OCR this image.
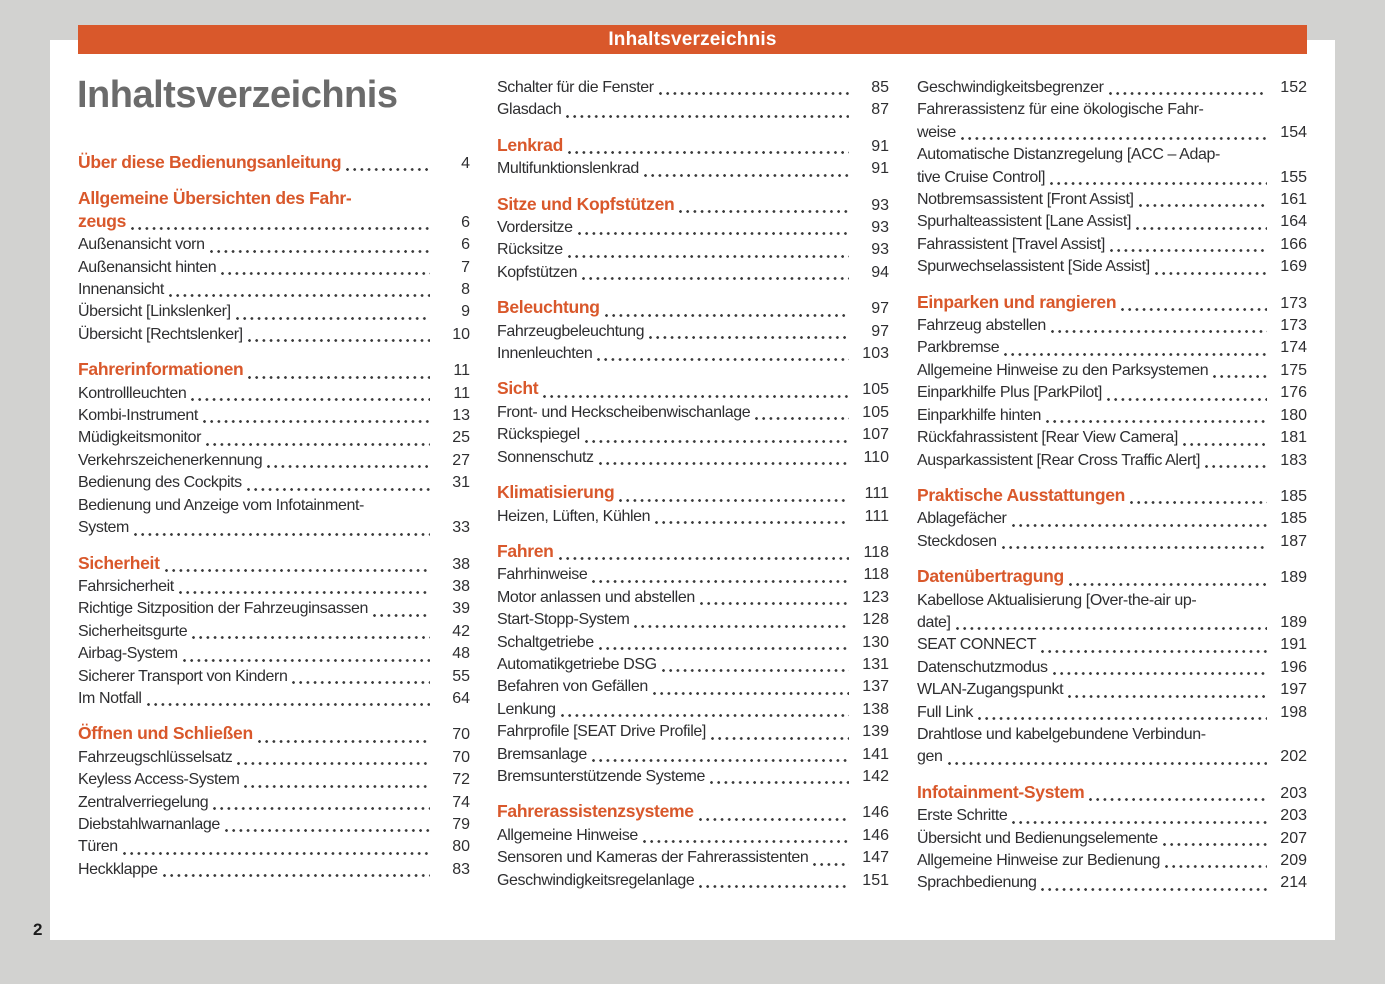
Inhaltsverzeichnis
Inhaltsverzeichnis
Über diese Bedienungsanleitung	4
Allgemeine Übersichten des Fahr-
zeugs	6
Außenansicht vorn	6
Außenansicht hinten	7
Innenansicht	8
Übersicht [Linkslenker]	9
Übersicht [Rechtslenker]	10
Fahrerinformationen	11
Kontrollleuchten	11
Kombi-Instrument	13
Müdigkeitsmonitor	25
Verkehrszeichenerkennung	27
Bedienung des Cockpits	31
Bedienung und Anzeige vom Infotainment-
System	33
Sicherheit	38
Fahrsicherheit	38
Richtige Sitzposition der Fahrzeuginsassen	39
Sicherheitsgurte	42
Airbag-System	48
Sicherer Transport von Kindern	55
Im Notfall	64
Öffnen und Schließen	70
Fahrzeugschlüsselsatz	70
Keyless Access-System	72
Zentralverriegelung	74
Diebstahlwarnanlage	79
Türen	80
Heckklappe	83
Schalter für die Fenster	85
Glasdach	87
Lenkrad	91
Multifunktionslenkrad	91
Sitze und Kopfstützen	93
Vordersitze	93
Rücksitze	93
Kopfstützen	94
Beleuchtung	97
Fahrzeugbeleuchtung	97
Innenleuchten	103
Sicht	105
Front- und Heckscheibenwischanlage	105
Rückspiegel	107
Sonnenschutz	110
Klimatisierung	111
Heizen, Lüften, Kühlen	111
Fahren	118
Fahrhinweise	118
Motor anlassen und abstellen	123
Start-Stopp-System	128
Schaltgetriebe	130
Automatikgetriebe DSG	131
Befahren von Gefällen	137
Lenkung	138
Fahrprofile [SEAT Drive Profile]	139
Bremsanlage	141
Bremsunterstützende Systeme	142
Fahrerassistenzsysteme	146
Allgemeine Hinweise	146
Sensoren und Kameras der Fahrerassistenten	147
Geschwindigkeitsregelanlage	151
Geschwindigkeitsbegrenzer	152
Fahrerassistenz für eine ökologische Fahr-
weise	154
Automatische Distanzregelung [ACC – Adap-
tive Cruise Control]	155
Notbremsassistent [Front Assist]	161
Spurhalteassistent [Lane Assist]	164
Fahrassistent [Travel Assist]	166
Spurwechselassistent [Side Assist]	169
Einparken und rangieren	173
Fahrzeug abstellen	173
Parkbremse	174
Allgemeine Hinweise zu den Parksystemen	175
Einparkhilfe Plus [ParkPilot]	176
Einparkhilfe hinten	180
Rückfahrassistent [Rear View Camera]	181
Ausparkassistent [Rear Cross Traffic Alert]	183
Praktische Ausstattungen	185
Ablagefächer	185
Steckdosen	187
Datenübertragung	189
Kabellose Aktualisierung [Over-the-air up-
date]	189
SEAT CONNECT	191
Datenschutzmodus	196
WLAN-Zugangspunkt	197
Full Link	198
Drahtlose und kabelgebundene Verbindun-
gen	202
Infotainment-System	203
Erste Schritte	203
Übersicht und Bedienungselemente	207
Allgemeine Hinweise zur Bedienung	209
Sprachbedienung	214
2
